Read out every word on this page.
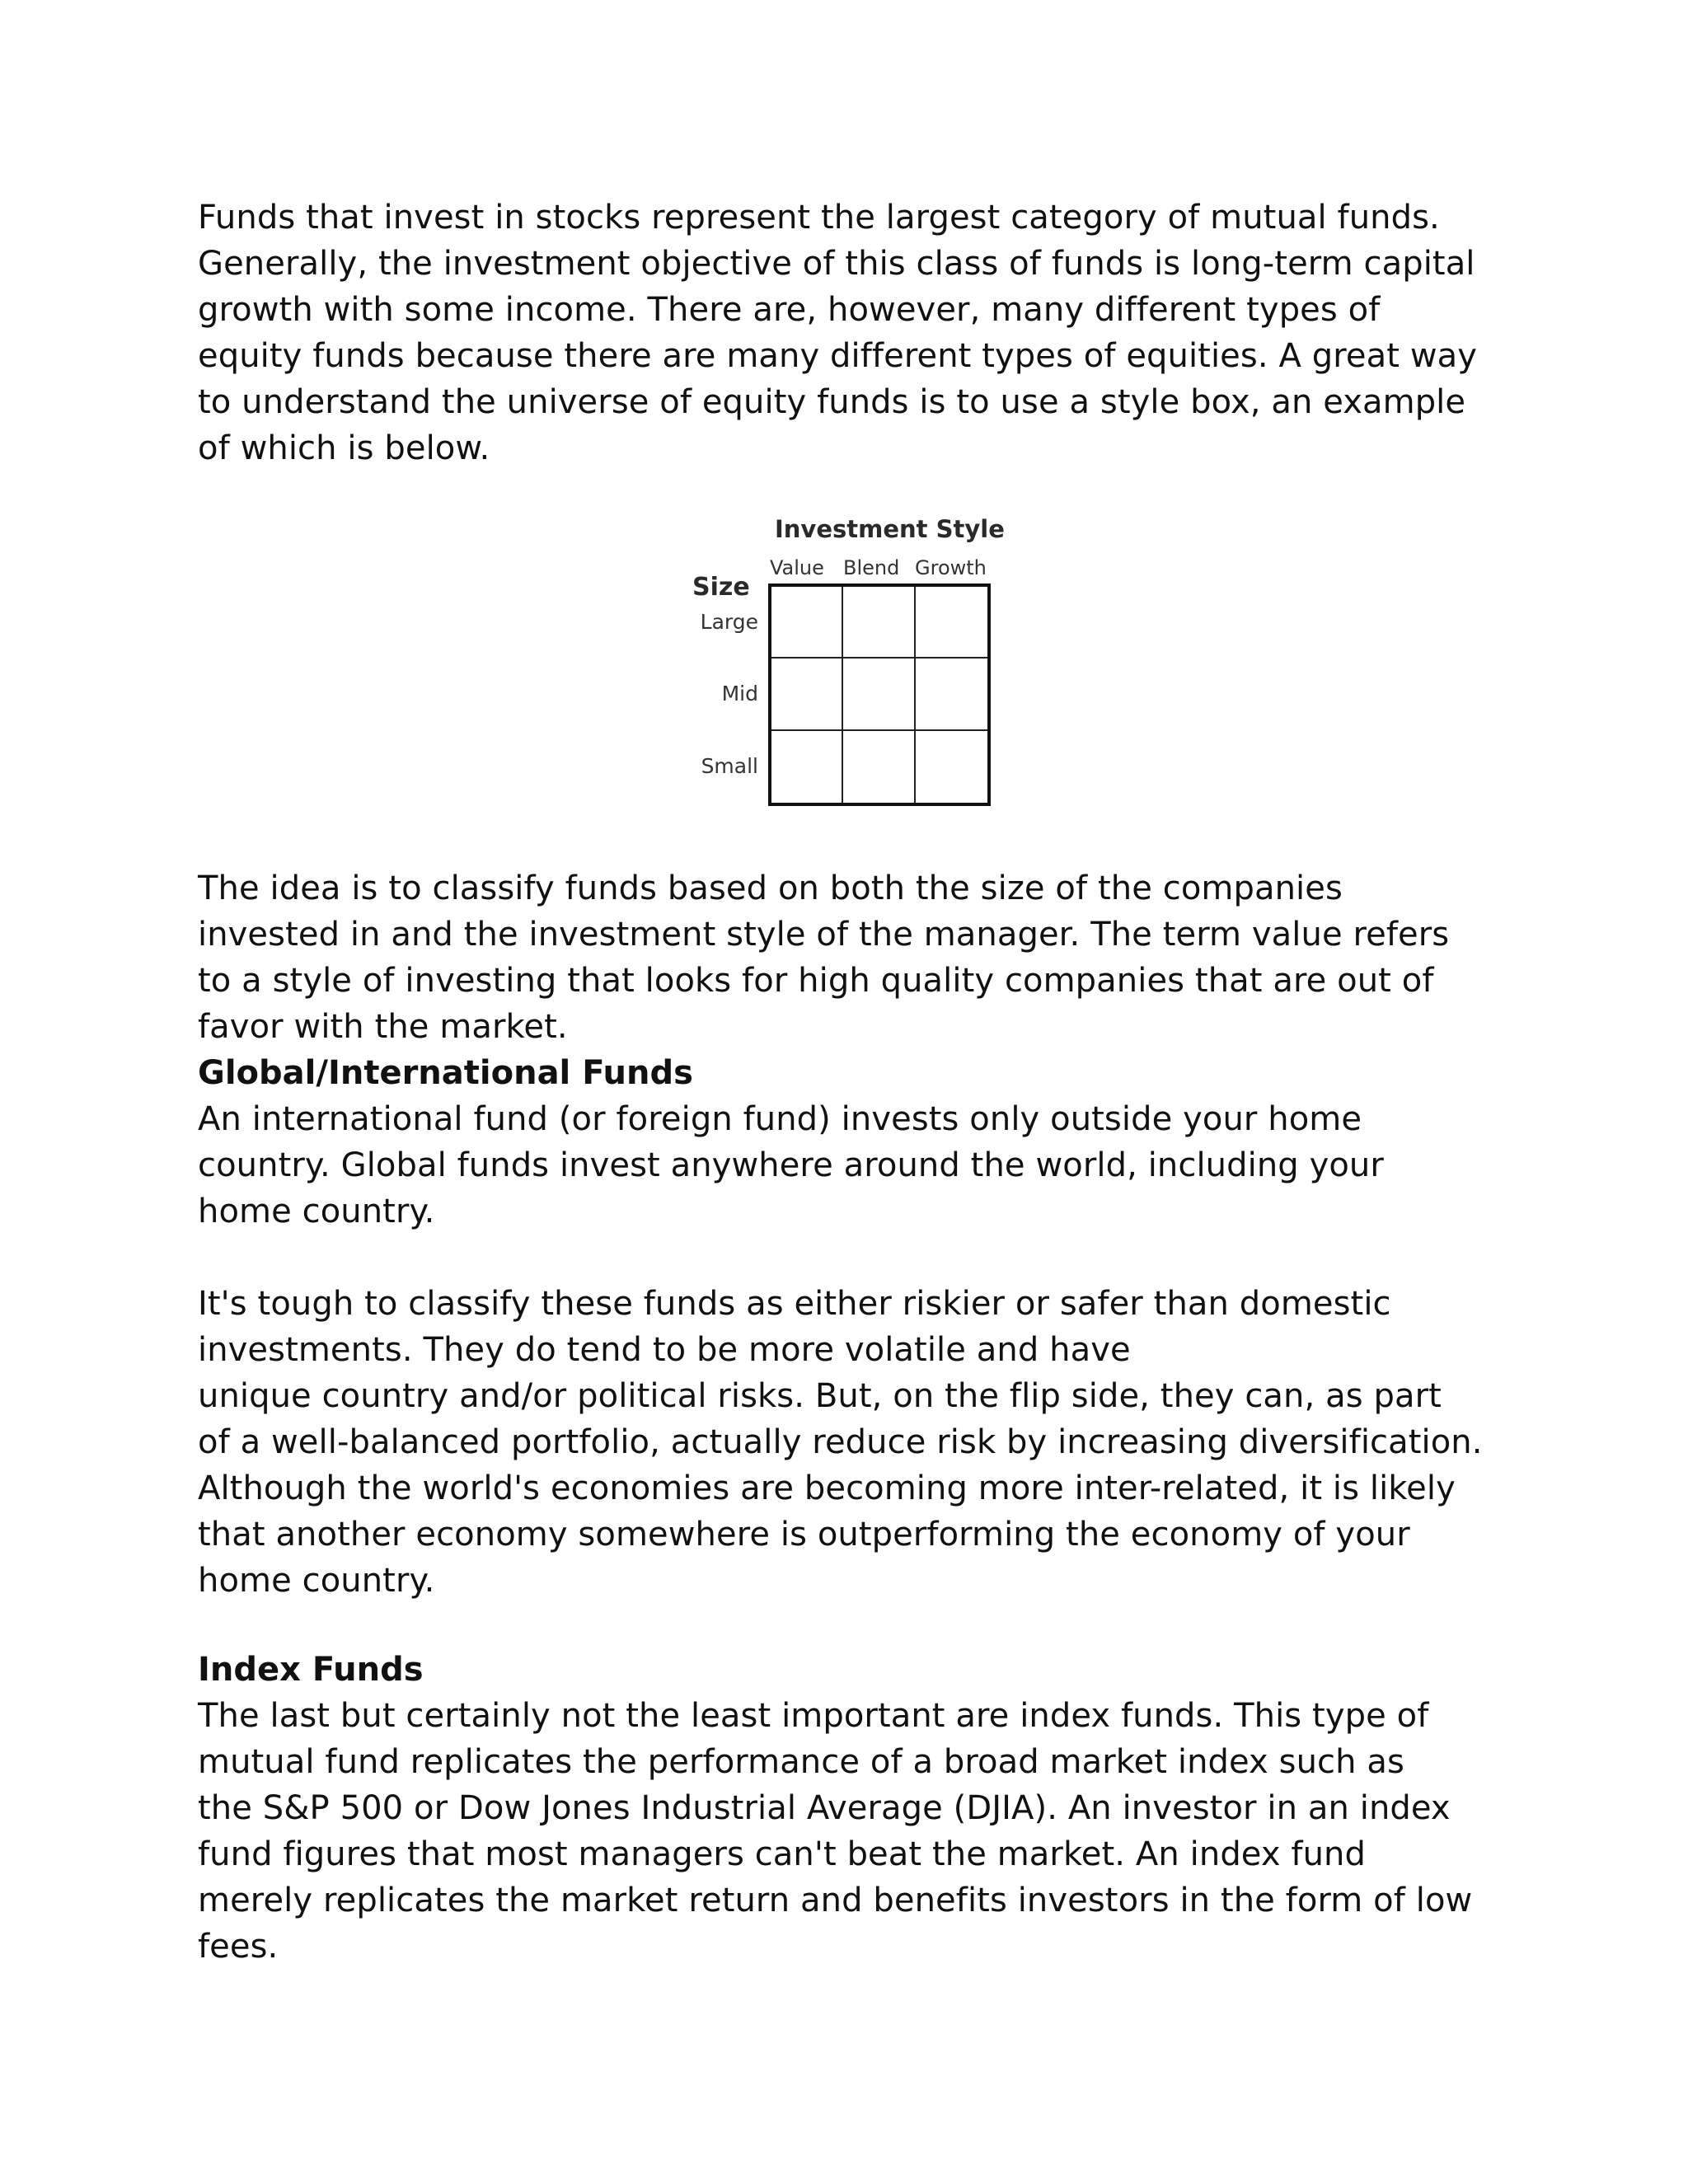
Funds that invest in stocks represent the largest category of mutual funds.
Generally, the investment objective of this class of funds is long-term capital
growth with some income. There are, however, many different types of
equity funds because there are many different types of equities. A great way
to understand the universe of equity funds is to use a style box, an example
of which is below.

Investment Style
Value Blend Growth
Size
Large
Mid
Small

The idea is to classify funds based on both the size of the companies
invested in and the investment style of the manager. The term value refers
to a style of investing that looks for high quality companies that are out of
favor with the market.

Global/International Funds

An international fund (or foreign fund) invests only outside your home
country. Global funds invest anywhere around the world, including your
home country.

It's tough to classify these funds as either riskier or safer than domestic
investments. They do tend to be more volatile and have
unique country and/or political risks. But, on the flip side, they can, as part
of a well-balanced portfolio, actually reduce risk by increasing diversification.
Although the world's economies are becoming more inter-related, it is likely
that another economy somewhere is outperforming the economy of your
home country.

Index Funds

The last but certainly not the least important are index funds. This type of
mutual fund replicates the performance of a broad market index such as
the S&P 500 or Dow Jones Industrial Average (DJIA). An investor in an index
fund figures that most managers can't beat the market. An index fund
merely replicates the market return and benefits investors in the form of low
fees.
